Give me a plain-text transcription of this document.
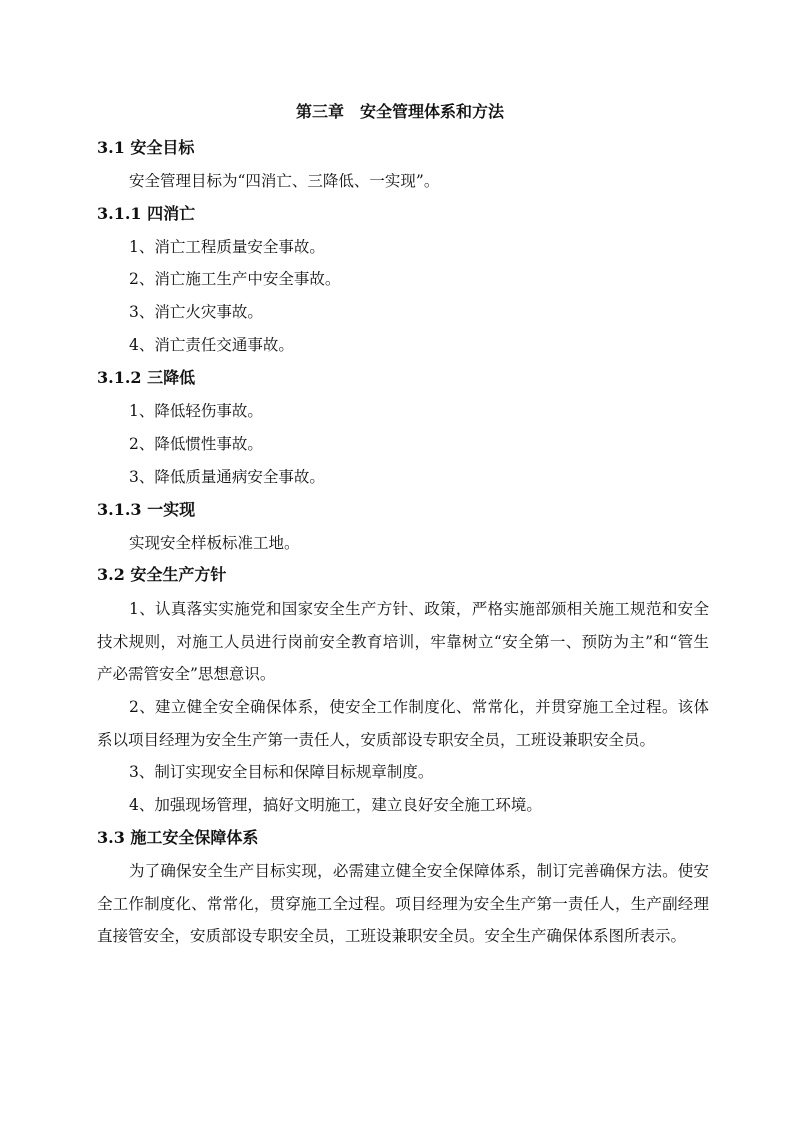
第三章　安全管理体系和方法
3.1 安全目标
安全管理目标为“四消亡、三降低、一实现”。
3.1.1 四消亡
1、消亡工程质量安全事故。
2、消亡施工生产中安全事故。
3、消亡火灾事故。
4、消亡责任交通事故。
3.1.2 三降低
1、降低轻伤事故。
2、降低惯性事故。
3、降低质量通病安全事故。
3.1.3 一实现
实现安全样板标准工地。
3.2 安全生产方针
1、认真落实实施党和国家安全生产方针、政策，严格实施部颁相关施工规范和安全技术规则，对施工人员进行岗前安全教育培训，牢靠树立“安全第一、预防为主”和“管生产必需管安全”思想意识。
2、建立健全安全确保体系，使安全工作制度化、常常化，并贯穿施工全过程。该体系以项目经理为安全生产第一责任人，安质部设专职安全员，工班设兼职安全员。
3、制订实现安全目标和保障目标规章制度。
4、加强现场管理，搞好文明施工，建立良好安全施工环境。
3.3 施工安全保障体系
为了确保安全生产目标实现，必需建立健全安全保障体系，制订完善确保方法。使安全工作制度化、常常化，贯穿施工全过程。项目经理为安全生产第一责任人，生产副经理直接管安全，安质部设专职安全员，工班设兼职安全员。安全生产确保体系图所表示。
